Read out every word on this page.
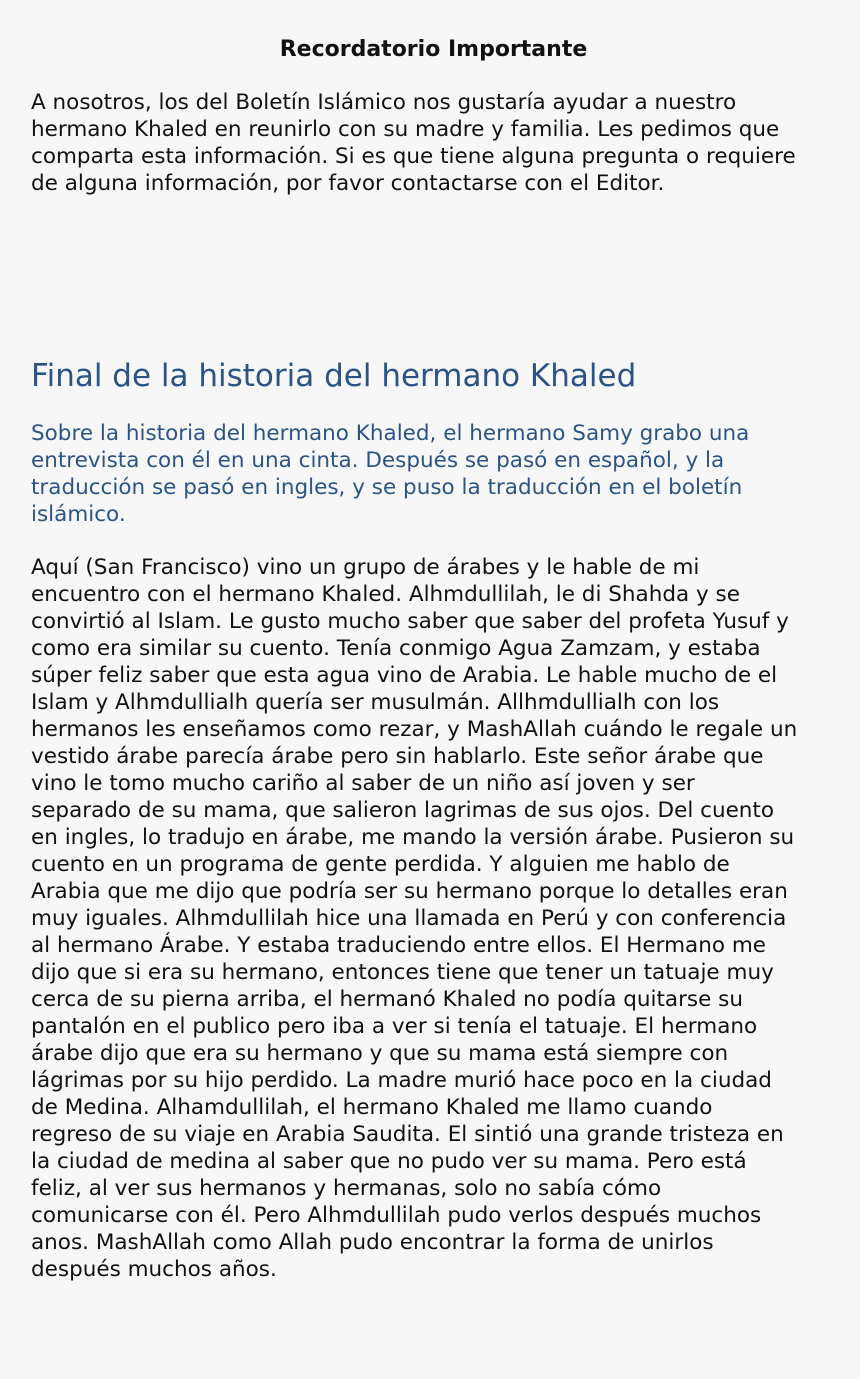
Recordatorio Importante

A nosotros, los del Boletín Islámico nos gustaría ayudar a nuestro
hermano Khaled en reunirlo con su madre y familia. Les pedimos que
comparta esta información. Si es que tiene alguna pregunta o requiere
de alguna información, por favor contactarse con el Editor.

Final de la historia del hermano Khaled

Sobre la historia del hermano Khaled, el hermano Samy grabo una
entrevista con él en una cinta. Después se pasó en español, y la
traducción se pasó en ingles, y se puso la traducción en el boletín
islámico.

Aquí (San Francisco) vino un grupo de árabes y le hable de mi
encuentro con el hermano Khaled. Alhmdullilah, le di Shahda y se
convirtió al Islam. Le gusto mucho saber que saber del profeta Yusuf y
como era similar su cuento. Tenía conmigo Agua Zamzam, y estaba
súper feliz saber que esta agua vino de Arabia. Le hable mucho de el
Islam y Alhmdullialh quería ser musulmán. Allhmdullialh con los
hermanos les enseñamos como rezar, y MashAllah cuándo le regale un
vestido árabe parecía árabe pero sin hablarlo. Este señor árabe que
vino le tomo mucho cariño al saber de un niño así joven y ser
separado de su mama, que salieron lagrimas de sus ojos. Del cuento
en ingles, lo tradujo en árabe, me mando la versión árabe. Pusieron su
cuento en un programa de gente perdida. Y alguien me hablo de
Arabia que me dijo que podría ser su hermano porque lo detalles eran
muy iguales. Alhmdullilah hice una llamada en Perú y con conferencia
al hermano Árabe. Y estaba traduciendo entre ellos. El Hermano me
dijo que si era su hermano, entonces tiene que tener un tatuaje muy
cerca de su pierna arriba, el hermanó Khaled no podía quitarse su
pantalón en el publico pero iba a ver si tenía el tatuaje. El hermano
árabe dijo que era su hermano y que su mama está siempre con
lágrimas por su hijo perdido. La madre murió hace poco en la ciudad
de Medina. Alhamdullilah, el hermano Khaled me llamo cuando
regreso de su viaje en Arabia Saudita. El sintió una grande tristeza en
la ciudad de medina al saber que no pudo ver su mama. Pero está
feliz, al ver sus hermanos y hermanas, solo no sabía cómo
comunicarse con él. Pero Alhmdullilah pudo verlos después muchos
anos. MashAllah como Allah pudo encontrar la forma de unirlos
después muchos años.
